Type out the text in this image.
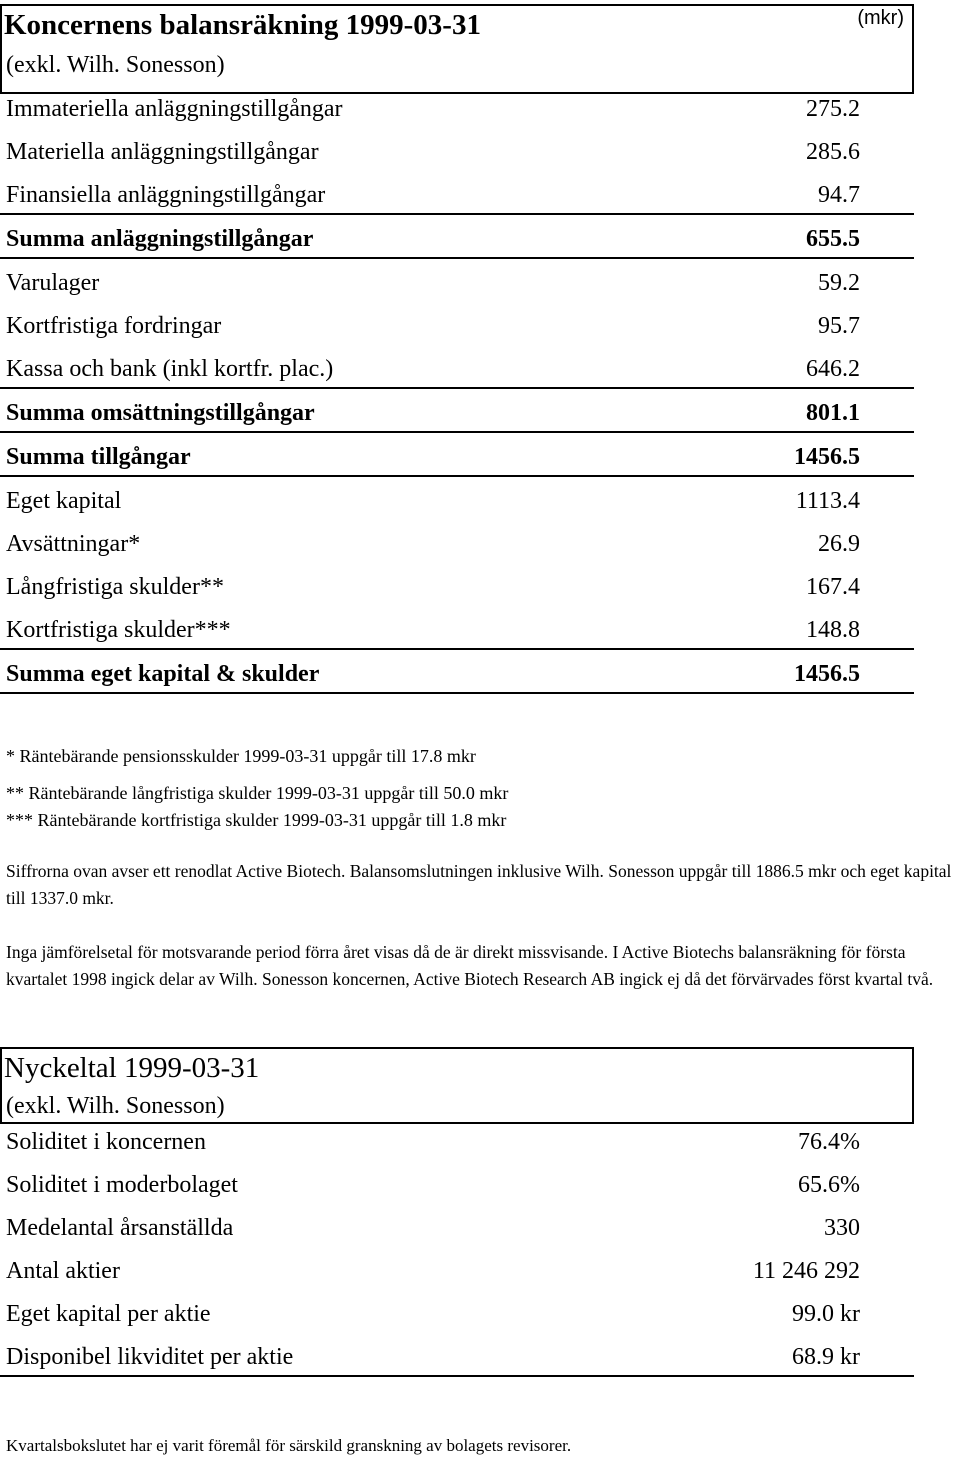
Koncernens balansräkning 1999-03-31
(exkl. Wilh. Sonesson)
(mkr)
Immateriella anläggningstillgångar	275.2
Materiella anläggningstillgångar	285.6
Finansiella anläggningstillgångar	94.7
Summa anläggningstillgångar	655.5
Varulager	59.2
Kortfristiga fordringar	95.7
Kassa och bank (inkl kortfr. plac.)	646.2
Summa omsättningstillgångar	801.1
Summa tillgångar	1456.5
Eget kapital	1113.4
Avsättningar*	26.9
Långfristiga skulder**	167.4
Kortfristiga skulder***	148.8
Summa eget kapital & skulder	1456.5
* Räntebärande pensionsskulder 1999-03-31 uppgår till 17.8 mkr
** Räntebärande långfristiga skulder 1999-03-31 uppgår till 50.0 mkr
*** Räntebärande kortfristiga skulder 1999-03-31 uppgår till 1.8 mkr
Siffrorna ovan avser ett renodlat Active Biotech. Balansomslutningen inklusive Wilh. Sonesson uppgår till 1886.5 mkr och eget kapital till 1337.0 mkr.
Inga jämförelsetal för motsvarande period förra året visas då de är direkt missvisande. I Active Biotechs balansräkning för första kvartalet 1998 ingick delar av Wilh. Sonesson koncernen, Active Biotech Research AB ingick ej då det förvärvades först kvartal två.
Nyckeltal 1999-03-31
(exkl. Wilh. Sonesson)
Soliditet i koncernen	76.4%
Soliditet i moderbolaget	65.6%
Medelantal årsanställda	330
Antal aktier	11 246 292
Eget kapital per aktie	99.0 kr
Disponibel likviditet per aktie	68.9 kr
Kvartalsbokslutet har ej varit föremål för särskild granskning av bolagets revisorer.
